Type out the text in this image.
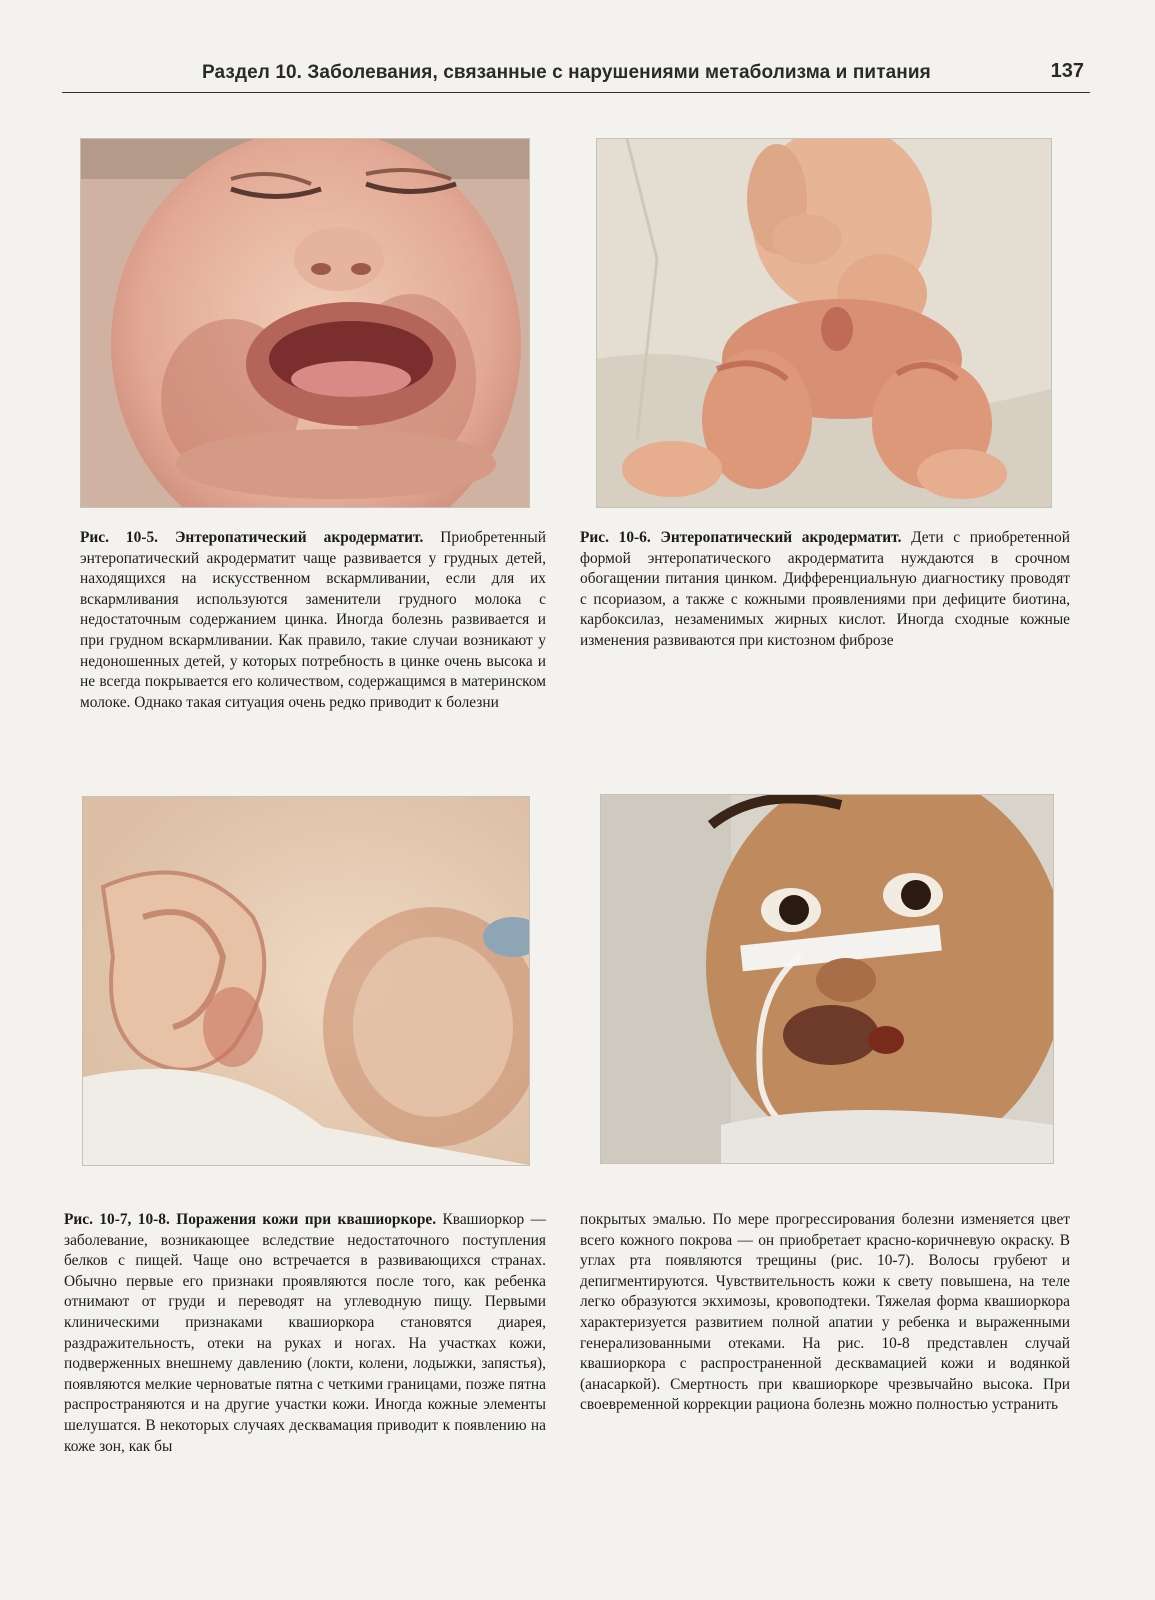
Раздел 10. Заболевания, связанные с нарушениями метаболизма и питания	137
Рис. 10-5. Энтеропатический акродерматит. Приобретенный энтеропатический акродерматит чаще развивается у грудных детей, находящихся на искусственном вскармливании, если для их вскармливания используются заменители грудного молока с недостаточным содержанием цинка. Иногда болезнь развивается и при грудном вскармливании. Как правило, такие случаи возникают у недоношенных детей, у которых потребность в цинке очень высока и не всегда покрывается его количеством, содержащимся в материнском молоке. Однако такая ситуация очень редко приводит к болезни
Рис. 10-6. Энтеропатический акродерматит. Дети с приобретенной формой энтеропатического акродерматита нуждаются в срочном обогащении питания цинком. Дифференциальную диагностику проводят с псориазом, а также с кожными проявлениями при дефиците биотина, карбоксилаз, незаменимых жирных кислот. Иногда сходные кожные изменения развиваются при кистозном фиброзе
Рис. 10-7, 10-8. Поражения кожи при квашиоркоре. Квашиоркор — заболевание, возникающее вследствие недостаточного поступления белков с пищей. Чаще оно встречается в развивающихся странах. Обычно первые его признаки проявляются после того, как ребенка отнимают от груди и переводят на углеводную пищу. Первыми клиническими признаками квашиоркора становятся диарея, раздражительность, отеки на руках и ногах. На участках кожи, подверженных внешнему давлению (локти, колени, лодыжки, запястья), появляются мелкие черноватые пятна с четкими границами, позже пятна распространяются и на другие участки кожи. Иногда кожные элементы шелушатся. В некоторых случаях десквамация приводит к появлению на коже зон, как бы
покрытых эмалью. По мере прогрессирования болезни изменяется цвет всего кожного покрова — он приобретает красно-коричневую окраску. В углах рта появляются трещины (рис. 10-7). Волосы грубеют и депигментируются. Чувствительность кожи к свету повышена, на теле легко образуются экхимозы, кровоподтеки. Тяжелая форма квашиоркора характеризуется развитием полной апатии у ребенка и выраженными генерализованными отеками. На рис. 10-8 представлен случай квашиоркора с распространенной десквамацией кожи и водянкой (анасаркой). Смертность при квашиоркоре чрезвычайно высока. При своевременной коррекции рациона болезнь можно полностью устранить
